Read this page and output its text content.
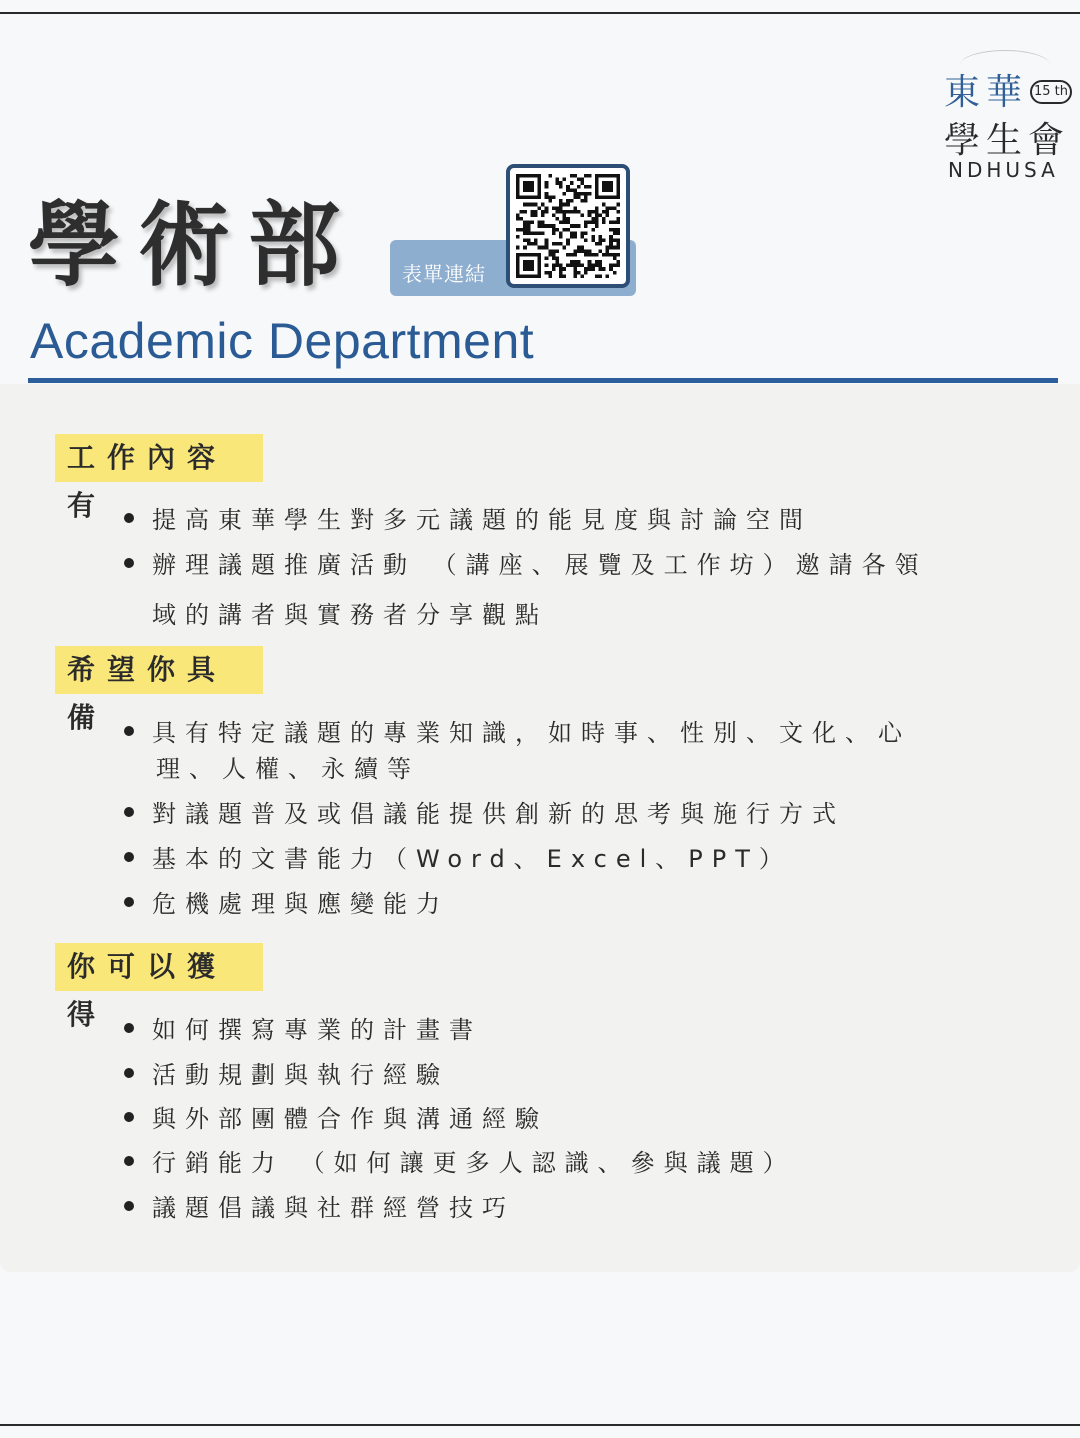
東華 15 th
學生會
NDHUSA
學術部 表單連結
Academic Department
工作內容有	提高東華學生對多元議題的能見度與討論空間
辦理議題推廣活動 （講座、展覽及工作坊）邀請各領
域的講者與實務者分享觀點
希望你具備	具有特定議題的專業知識，如時事、性別、文化、心
理、人權、永續等
對議題普及或倡議能提供創新的思考與施行方式
基本的文書能力（Word、Excel、PPT）
危機處理與應變能力
你可以獲得	如何撰寫專業的計畫書
活動規劃與執行經驗
與外部團體合作與溝通經驗
行銷能力 （如何讓更多人認識、參與議題）
議題倡議與社群經營技巧
